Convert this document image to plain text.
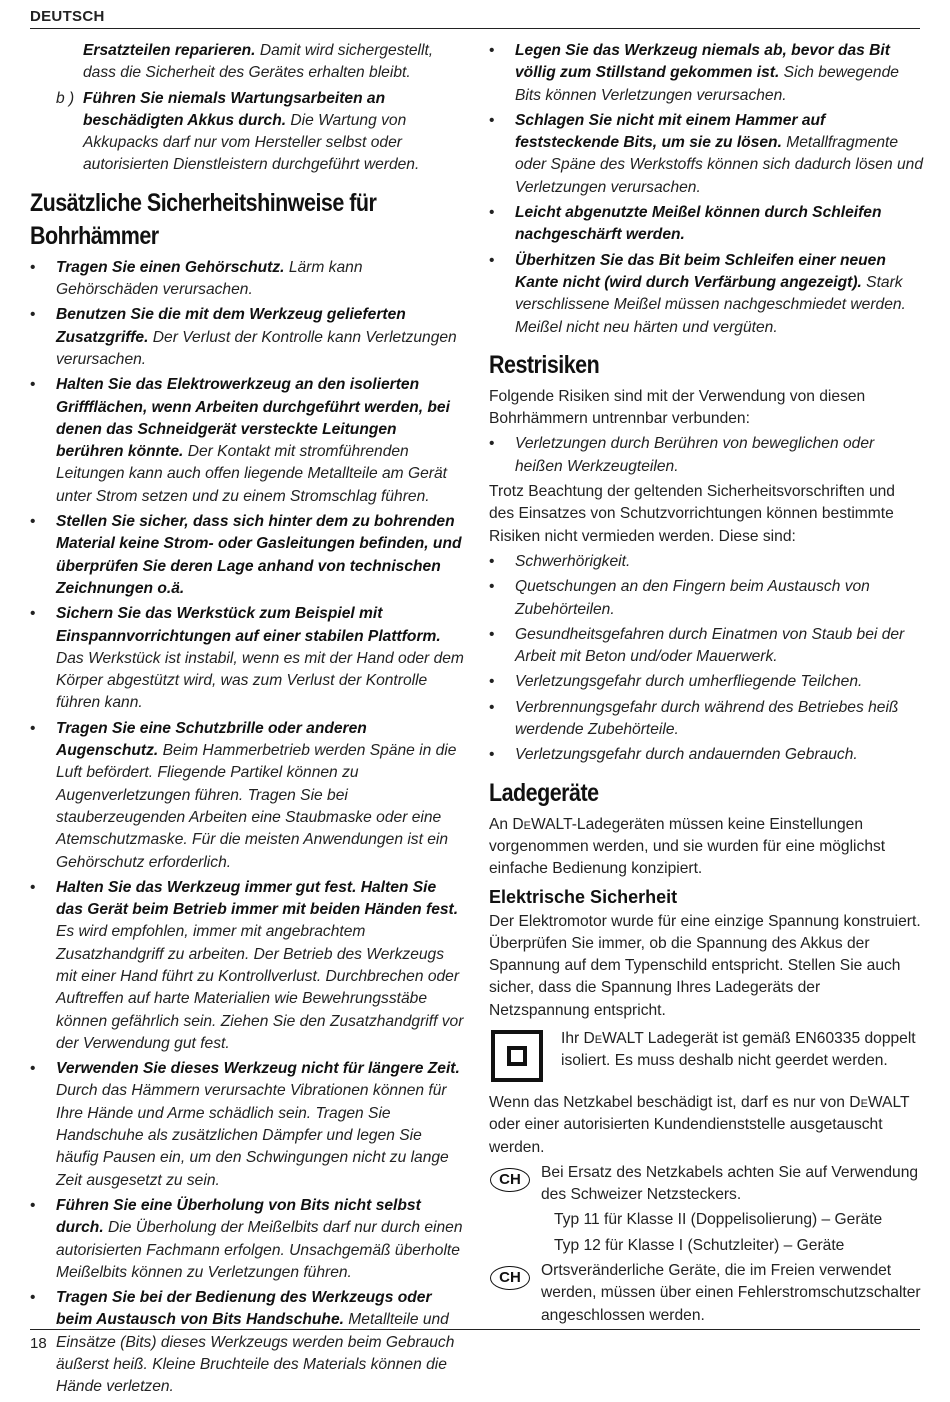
DEUTSCH
Ersatzteilen reparieren. Damit wird sichergestellt, dass die Sicherheit des Gerätes erhalten bleibt.
b ) Führen Sie niemals Wartungsarbeiten an beschädigten Akkus durch. Die Wartung von Akkupacks darf nur vom Hersteller selbst oder autorisierten Dienstleistern durchgeführt werden.
Zusätzliche Sicherheitshinweise für Bohrhämmer
• Tragen Sie einen Gehörschutz. Lärm kann Gehörschäden verursachen.
• Benutzen Sie die mit dem Werkzeug gelieferten Zusatzgriffe. Der Verlust der Kontrolle kann Verletzungen verursachen.
• Halten Sie das Elektrowerkzeug an den isolierten Griffflächen, wenn Arbeiten durchgeführt werden, bei denen das Schneidgerät versteckte Leitungen berühren könnte. Der Kontakt mit stromführenden Leitungen kann auch offen liegende Metallteile am Gerät unter Strom setzen und zu einem Stromschlag führen.
• Stellen Sie sicher, dass sich hinter dem zu bohrenden Material keine Strom- oder Gasleitungen befinden, und überprüfen Sie deren Lage anhand von technischen Zeichnungen o.ä.
• Sichern Sie das Werkstück zum Beispiel mit Einspannvorrichtungen auf einer stabilen Plattform. Das Werkstück ist instabil, wenn es mit der Hand oder dem Körper abgestützt wird, was zum Verlust der Kontrolle führen kann.
• Tragen Sie eine Schutzbrille oder anderen Augenschutz. Beim Hammerbetrieb werden Späne in die Luft befördert. Fliegende Partikel können zu Augenverletzungen führen. Tragen Sie bei stauberzeugenden Arbeiten eine Staubmaske oder eine Atemschutzmaske. Für die meisten Anwendungen ist ein Gehörschutz erforderlich.
• Halten Sie das Werkzeug immer gut fest. Halten Sie das Gerät beim Betrieb immer mit beiden Händen fest. Es wird empfohlen, immer mit angebrachtem Zusatzhandgriff zu arbeiten. Der Betrieb des Werkzeugs mit einer Hand führt zu Kontrollverlust. Durchbrechen oder Auftreffen auf harte Materialien wie Bewehrungsstäbe können gefährlich sein. Ziehen Sie den Zusatzhandgriff vor der Verwendung gut fest.
• Verwenden Sie dieses Werkzeug nicht für längere Zeit. Durch das Hämmern verursachte Vibrationen können für Ihre Hände und Arme schädlich sein. Tragen Sie Handschuhe als zusätzlichen Dämpfer und legen Sie häufig Pausen ein, um den Schwingungen nicht zu lange Zeit ausgesetzt zu sein.
• Führen Sie eine Überholung von Bits nicht selbst durch. Die Überholung der Meißelbits darf nur durch einen autorisierten Fachmann erfolgen. Unsachgemäß überholte Meißelbits können zu Verletzungen führen.
• Tragen Sie bei der Bedienung des Werkzeugs oder beim Austausch von Bits Handschuhe. Metallteile und Einsätze (Bits) dieses Werkzeugs werden beim Gebrauch äußerst heiß. Kleine Bruchteile des Materials können die Hände verletzen.
• Legen Sie das Werkzeug niemals ab, bevor das Bit völlig zum Stillstand gekommen ist. Sich bewegende Bits können Verletzungen verursachen.
• Schlagen Sie nicht mit einem Hammer auf feststeckende Bits, um sie zu lösen. Metallfragmente oder Späne des Werkstoffs können sich dadurch lösen und Verletzungen verursachen.
• Leicht abgenutzte Meißel können durch Schleifen nachgeschärft werden.
• Überhitzen Sie das Bit beim Schleifen einer neuen Kante nicht (wird durch Verfärbung angezeigt). Stark verschlissene Meißel müssen nachgeschmiedet werden. Meißel nicht neu härten und vergüten.
Restrisiken
Folgende Risiken sind mit der Verwendung von diesen Bohrhämmern untrennbar verbunden:
• Verletzungen durch Berühren von beweglichen oder heißen Werkzeugteilen.
Trotz Beachtung der geltenden Sicherheitsvorschriften und des Einsatzes von Schutzvorrichtungen können bestimmte Risiken nicht vermieden werden. Diese sind:
• Schwerhörigkeit.
• Quetschungen an den Fingern beim Austausch von Zubehörteilen.
• Gesundheitsgefahren durch Einatmen von Staub bei der Arbeit mit Beton und/oder Mauerwerk.
• Verletzungsgefahr durch umherfliegende Teilchen.
• Verbrennungsgefahr durch während des Betriebes heiß werdende Zubehörteile.
• Verletzungsgefahr durch andauernden Gebrauch.
Ladegeräte
An DeWALT-Ladegeräten müssen keine Einstellungen vorgenommen werden, und sie wurden für eine möglichst einfache Bedienung konzipiert.
Elektrische Sicherheit
Der Elektromotor wurde für eine einzige Spannung konstruiert. Überprüfen Sie immer, ob die Spannung des Akkus der Spannung auf dem Typenschild entspricht. Stellen Sie auch sicher, dass die Spannung Ihres Ladegeräts der Netzspannung entspricht.
Ihr DeWALT Ladegerät ist gemäß EN60335 doppelt isoliert. Es muss deshalb nicht geerdet werden.
Wenn das Netzkabel beschädigt ist, darf es nur von DeWALT oder einer autorisierten Kundendienststelle ausgetauscht werden.
CH	Bei Ersatz des Netzkabels achten Sie auf Verwendung des Schweizer Netzsteckers.
Typ 11 für Klasse II (Doppelisolierung) – Geräte
Typ 12 für Klasse I (Schutzleiter) – Geräte
CH	Ortsveränderliche Geräte, die im Freien verwendet werden, müssen über einen Fehlerstromschutzschalter angeschlossen werden.
18
